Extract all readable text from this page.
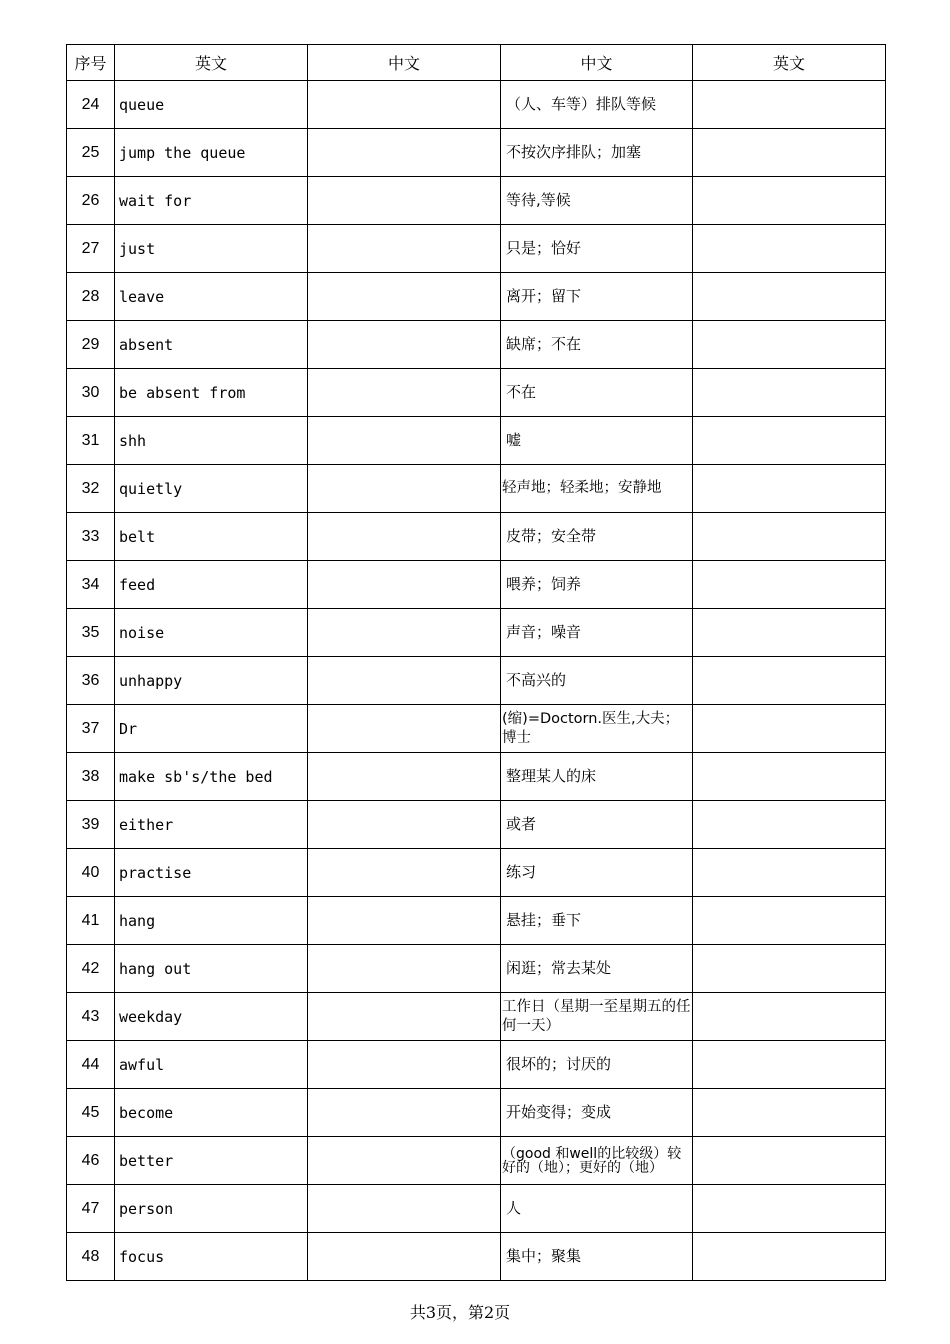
序号	英文	中文	中文	英文
24	queue		（人、车等）排队等候	
25	jump the queue		不按次序排队；加塞	
26	wait for		等待,等候	
27	just		只是；恰好	
28	leave		离开；留下	
29	absent		缺席；不在	
30	be absent from		不在	
31	shh		嘘	
32	quietly		轻声地；轻柔地；安静地	
33	belt		皮带；安全带	
34	feed		喂养；饲养	
35	noise		声音；噪音	
36	unhappy		不高兴的	
37	Dr		(缩)=Doctorn.医生,大夫；博士	
38	make sb's/the bed		整理某人的床	
39	either		或者	
40	practise		练习	
41	hang		悬挂；垂下	
42	hang out		闲逛；常去某处	
43	weekday		工作日（星期一至星期五的任何一天）	
44	awful		很坏的；讨厌的	
45	become		开始变得；变成	
46	better		（good 和well的比较级）较好的（地）；更好的（地）	
47	person		人	
48	focus		集中；聚集	
共3页，第2页
